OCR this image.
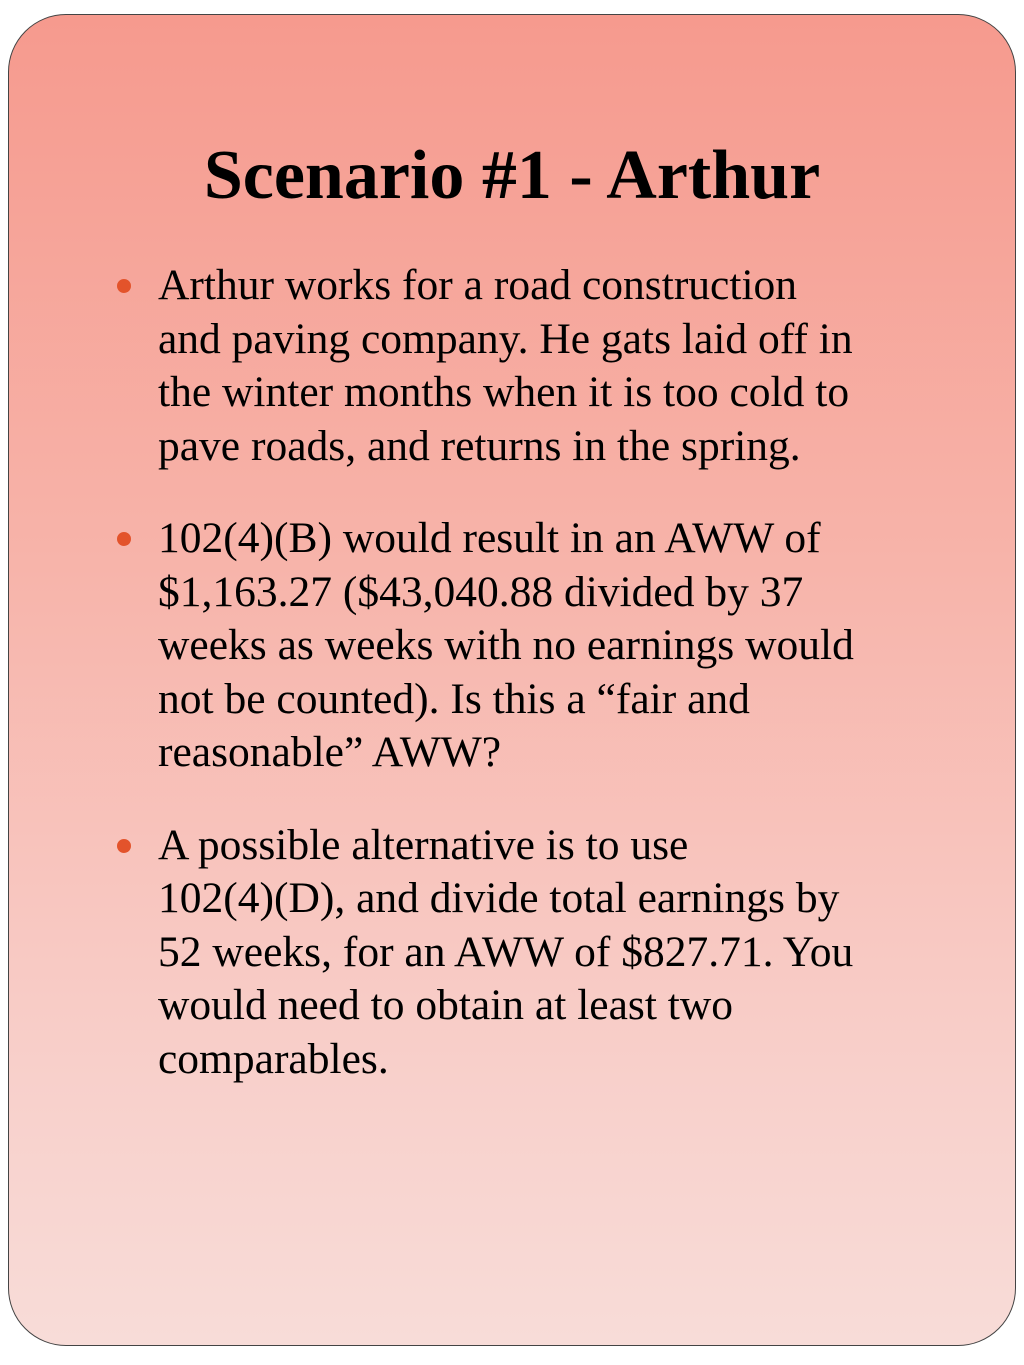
Scenario #1 - Arthur
Arthur works for a road construction
and paving company. He gats laid off in
the winter months when it is too cold to
pave roads, and returns in the spring.
102(4)(B) would result in an AWW of
$1,163.27 ($43,040.88 divided by 37
weeks as weeks with no earnings would
not be counted). Is this a “fair and
reasonable” AWW?
A possible alternative is to use
102(4)(D), and divide total earnings by
52 weeks, for an AWW of $827.71. You
would need to obtain at least two
comparables.
